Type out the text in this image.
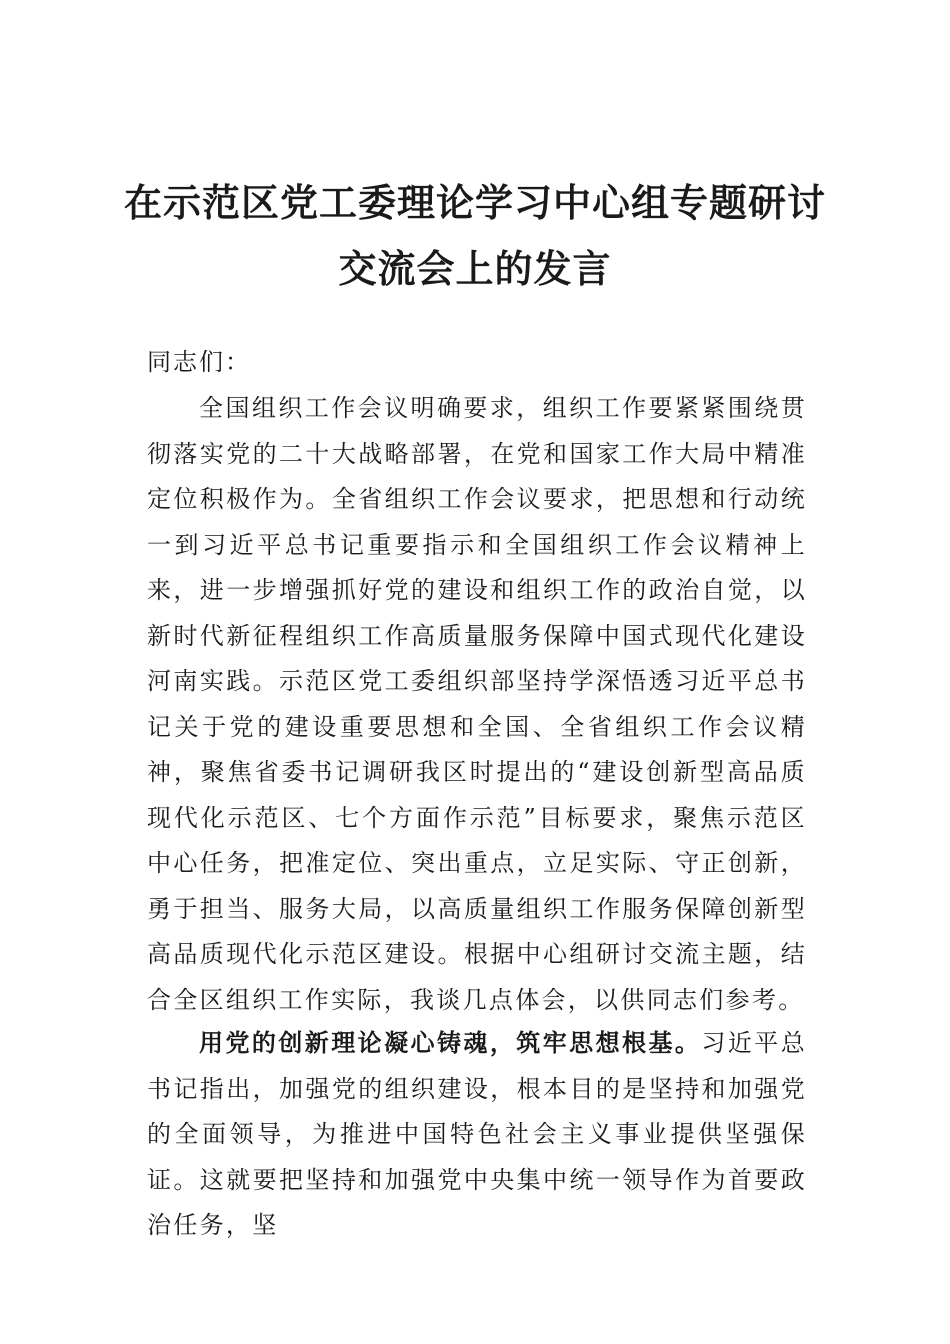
在示范区党工委理论学习中心组专题研讨
交流会上的发言
同志们：
全国组织工作会议明确要求，组织工作要紧紧围绕贯彻落实党的二十大战略部署，在党和国家工作大局中精准定位积极作为。全省组织工作会议要求，把思想和行动统一到习近平总书记重要指示和全国组织工作会议精神上来，进一步增强抓好党的建设和组织工作的政治自觉，以新时代新征程组织工作高质量服务保障中国式现代化建设河南实践。示范区党工委组织部坚持学深悟透习近平总书记关于党的建设重要思想和全国、全省组织工作会议精神，聚焦省委书记调研我区时提出的“建设创新型高品质现代化示范区、七个方面作示范”目标要求，聚焦示范区中心任务，把准定位、突出重点，立足实际、守正创新，勇于担当、服务大局，以高质量组织工作服务保障创新型高品质现代化示范区建设。根据中心组研讨交流主题，结合全区组织工作实际，我谈几点体会，以供同志们参考。
用党的创新理论凝心铸魂，筑牢思想根基。习近平总书记指出，加强党的组织建设，根本目的是坚持和加强党的全面领导，为推进中国特色社会主义事业提供坚强保证。这就要把坚持和加强党中央集中统一领导作为首要政治任务，坚
